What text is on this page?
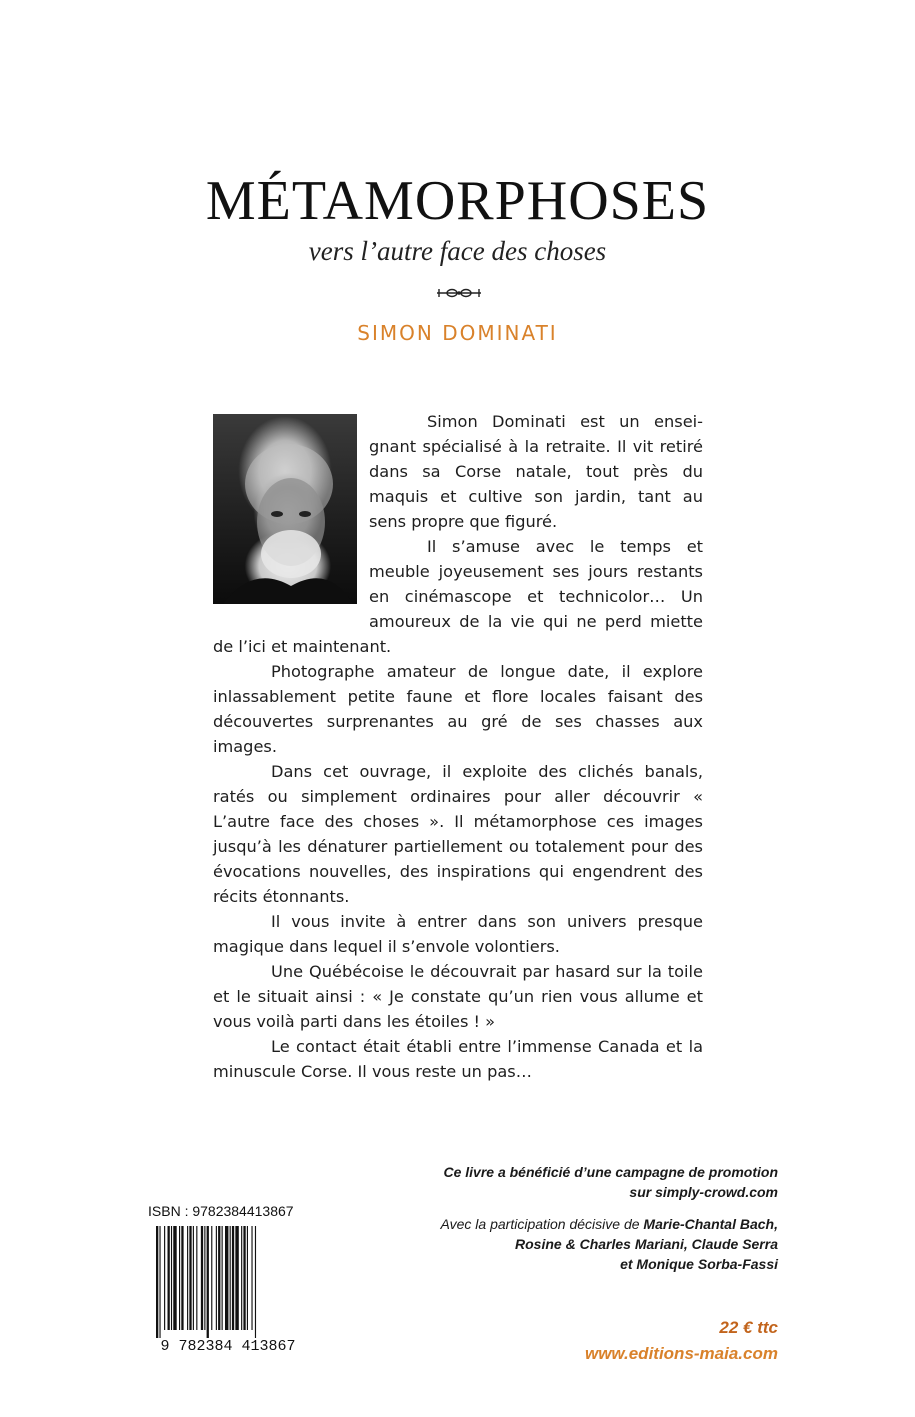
MÉTAMORPHOSES
vers l’autre face des choses
SIMON DOMINATI

Simon Dominati est un ensei- gnant spécialisé à la retraite. Il vit retiré dans sa Corse natale, tout près du maquis et cultive son jardin, tant au sens propre que figuré.

Il s’amuse avec le temps et meuble joyeusement ses jours restants en cinémascope et technicolor… Un amoureux de la vie qui ne perd miette de l’ici et maintenant.

Photographe amateur de longue date, il explore inlassablement petite faune et flore locales faisant des découvertes surprenantes au gré de ses chasses aux images.

Dans cet ouvrage, il exploite des clichés banals, ratés ou simplement ordinaires pour aller découvrir « L’autre face des choses ». Il métamorphose ces images jusqu’à les dénaturer partiellement ou totalement pour des évocations nouvelles, des inspirations qui engendrent des récits étonnants.

Il vous invite à entrer dans son univers presque magique dans lequel il s’envole volontiers.

Une Québécoise le découvrait par hasard sur la toile et le situait ainsi : « Je constate qu’un rien vous allume et vous voilà parti dans les étoiles ! »

Le contact était établi entre l’immense Canada et la minuscule Corse. Il vous reste un pas…

ISBN : 9782384413867
9 782384 413867
Ce livre a bénéficié d’une campagne de promotion
sur simply-crowd.com
Avec la participation décisive de Marie-Chantal Bach,
Rosine & Charles Mariani, Claude Serra
et Monique Sorba-Fassi
22 € ttc
www.editions-maia.com
